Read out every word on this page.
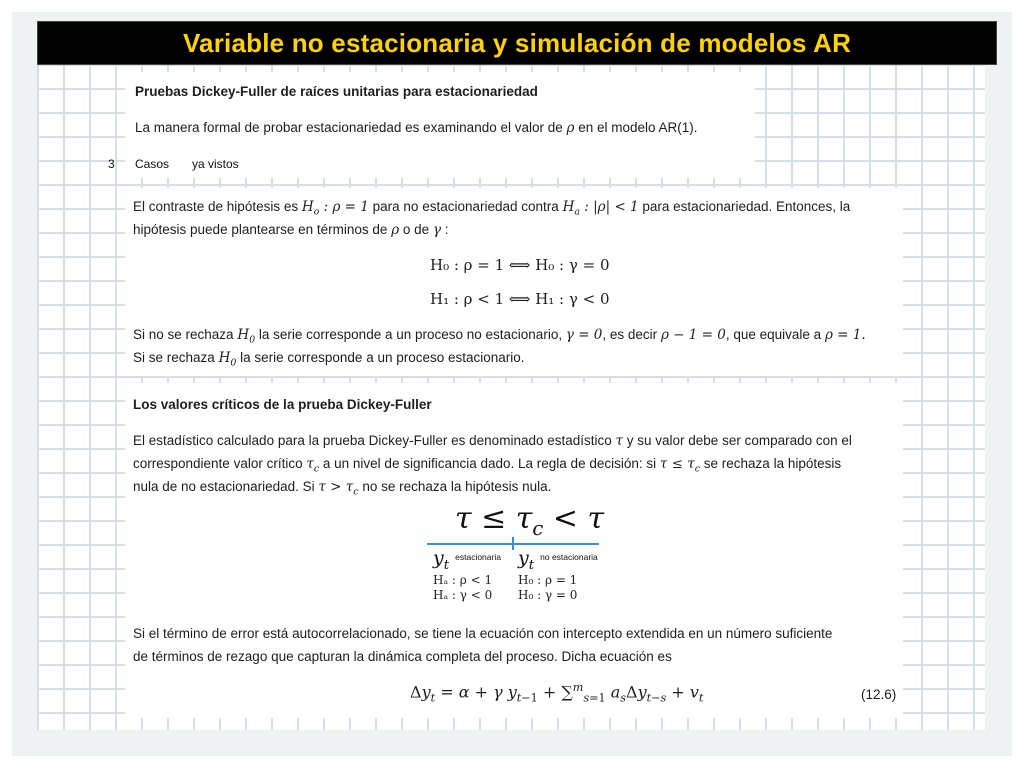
Variable no estacionaria y simulación de modelos AR
Pruebas Dickey-Fuller de raíces unitarias para estacionariedad
La manera formal de probar estacionariedad es examinando el valor de ρ en el modelo AR(1).
3 Casos ya vistos
El contraste de hipótesis es $H_o$ : ρ = 1 para no estacionariedad contra $H_a$ : |ρ| < 1 para estacionariedad. Entonces, la
hipótesis puede plantearse en términos de ρ o de γ :
H₀ : ρ = 1 ⟺ H₀ : γ = 0
H₁ : ρ < 1 ⟺ H₁ : γ < 0
Si no se rechaza $H_0$ la serie corresponde a un proceso no estacionario, γ = 0, es decir ρ − 1 = 0, que equivale a ρ = 1.
Si se rechaza $H_0$ la serie corresponde a un proceso estacionario.
Los valores críticos de la prueba Dickey-Fuller
El estadístico calculado para la prueba Dickey-Fuller es denominado estadístico τ y su valor debe ser comparado con el
correspondiente valor crítico $\tau_c$ a un nivel de significancia dado. La regla de decisión: si $\tau \le \tau_c$ se rechaza la hipótesis
nula de no estacionariedad. Si $\tau > \tau_c$ no se rechaza la hipótesis nula.
$\tau \le \tau_c < \tau$
$y_t$ $^{estacionaria}$ $y_t$ $^{no estacionaria}$
Hₐ : ρ < 1
Hₐ : γ < 0
H₀ : ρ = 1
H₀ : γ = 0
Si el término de error está autocorrelacionado, se tiene la ecuación con intercepto extendida en un número suficiente
de términos de rezago que capturan la dinámica completa del proceso. Dicha ecuación es
$\Delta y_t = \alpha + \gamma$ $y_{t-1} + \sum^m_{s=1}$ $a_s\Delta y_{t-s} + v_t$	(12.6)
